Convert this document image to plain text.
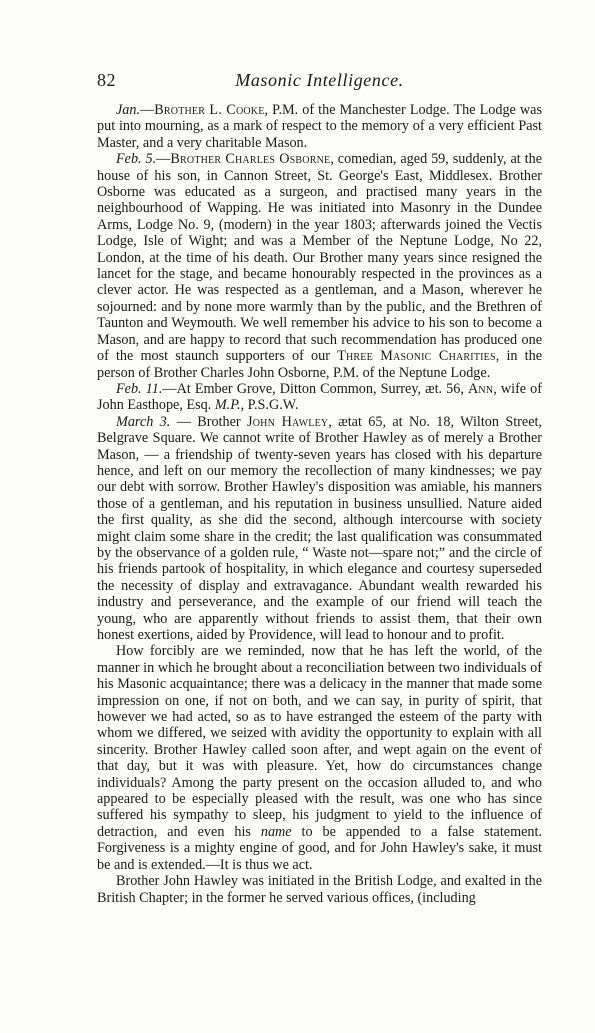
82	Masonic Intelligence.

Jan.—Brother L. Cooke, P.M. of the Manchester Lodge. The Lodge was put into mourning, as a mark of respect to the memory of a very efficient Past Master, and a very charitable Mason.

Feb. 5.—Brother Charles Osborne, comedian, aged 59, suddenly, at the house of his son, in Cannon Street, St. George's East, Middlesex. Brother Osborne was educated as a surgeon, and practised many years in the neighbourhood of Wapping. He was initiated into Masonry in the Dundee Arms, Lodge No. 9, (modern) in the year 1803; afterwards joined the Vectis Lodge, Isle of Wight; and was a Member of the Neptune Lodge, No 22, London, at the time of his death. Our Brother many years since resigned the lancet for the stage, and became honourably respected in the provinces as a clever actor. He was respected as a gentleman, and a Mason, wherever he sojourned: and by none more warmly than by the public, and the Brethren of Taunton and Weymouth. We well remember his advice to his son to become a Mason, and are happy to record that such recommendation has produced one of the most staunch supporters of our Three Masonic Charities, in the person of Brother Charles John Osborne, P.M. of the Neptune Lodge.

Feb. 11.—At Ember Grove, Ditton Common, Surrey, æt. 56, Ann, wife of John Easthope, Esq. M.P., P.S.G.W.

March 3. — Brother John Hawley, ætat 65, at No. 18, Wilton Street, Belgrave Square. We cannot write of Brother Hawley as of merely a Brother Mason, — a friendship of twenty-seven years has closed with his departure hence, and left on our memory the recollection of many kindnesses; we pay our debt with sorrow. Brother Hawley's disposition was amiable, his manners those of a gentleman, and his reputation in business unsullied. Nature aided the first quality, as she did the second, although intercourse with society might claim some share in the credit; the last qualification was consummated by the observance of a golden rule, “ Waste not—spare not;” and the circle of his friends partook of hospitality, in which elegance and courtesy superseded the necessity of display and extravagance. Abundant wealth rewarded his industry and perseverance, and the example of our friend will teach the young, who are apparently without friends to assist them, that their own honest exertions, aided by Providence, will lead to honour and to profit.

How forcibly are we reminded, now that he has left the world, of the manner in which he brought about a reconciliation between two individuals of his Masonic acquaintance; there was a delicacy in the manner that made some impression on one, if not on both, and we can say, in purity of spirit, that however we had acted, so as to have estranged the esteem of the party with whom we differed, we seized with avidity the opportunity to explain with all sincerity. Brother Hawley called soon after, and wept again on the event of that day, but it was with pleasure. Yet, how do circumstances change individuals? Among the party present on the occasion alluded to, and who appeared to be especially pleased with the result, was one who has since suffered his sympathy to sleep, his judgment to yield to the influence of detraction, and even his name to be appended to a false statement. Forgiveness is a mighty engine of good, and for John Hawley's sake, it must be and is extended.—It is thus we act.

Brother John Hawley was initiated in the British Lodge, and exalted in the British Chapter; in the former he served various offices, (including
